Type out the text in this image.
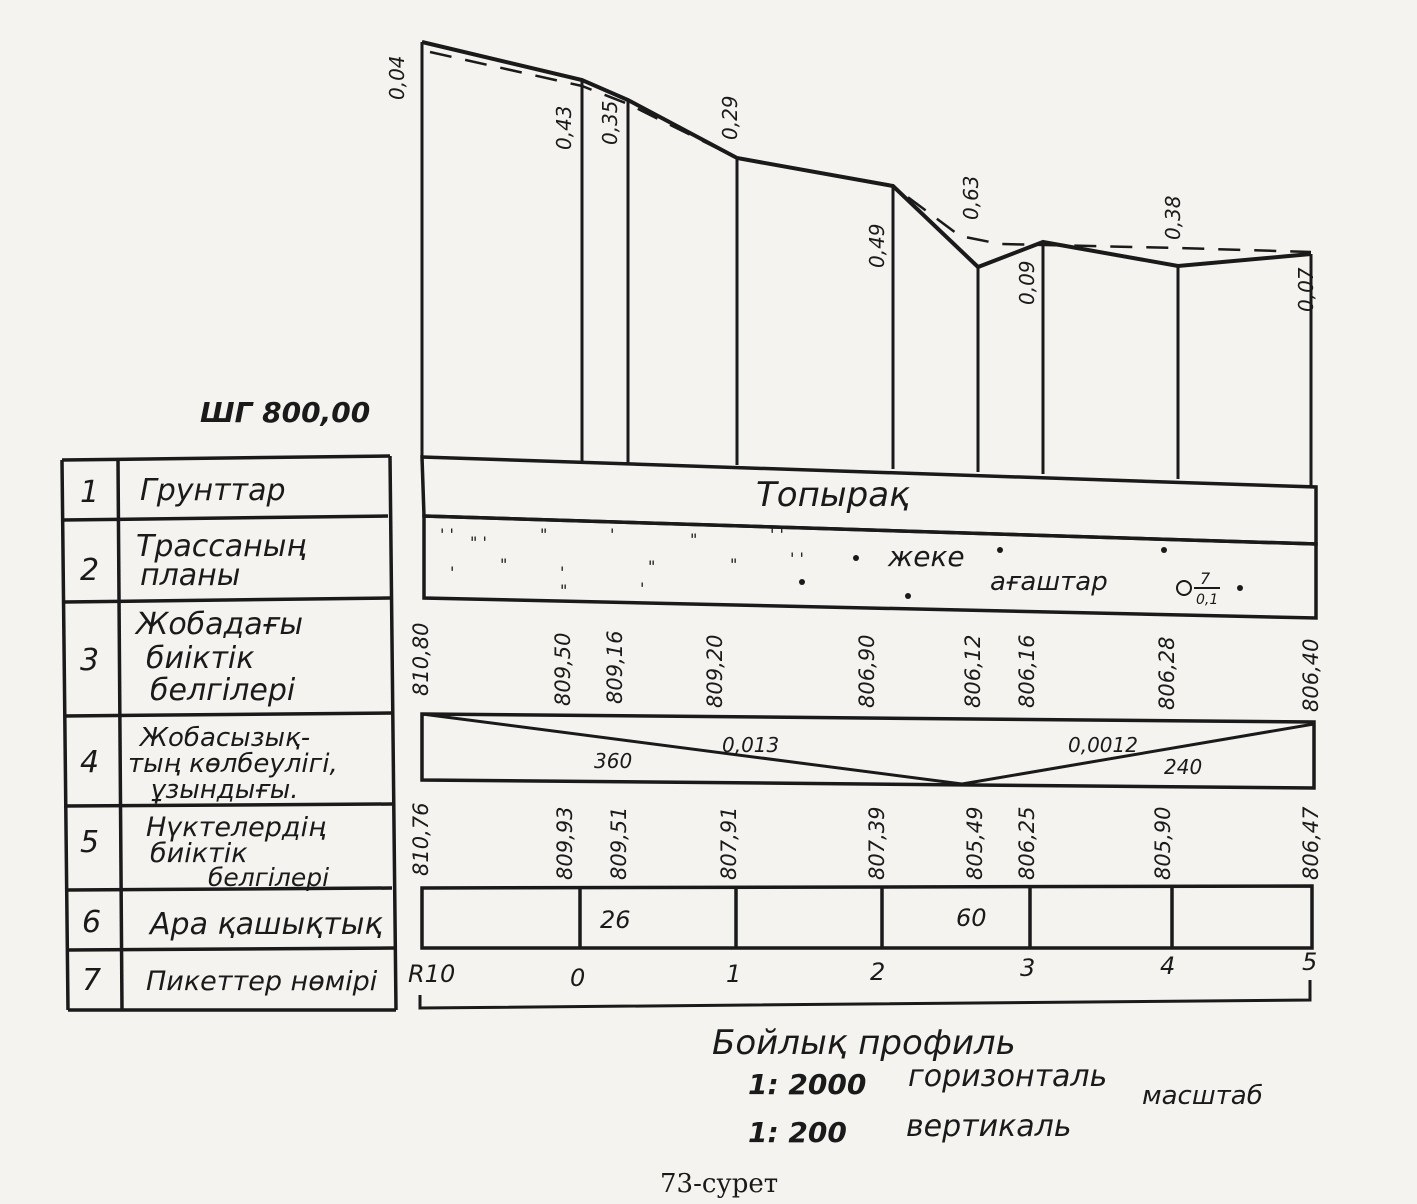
0,04
0,43 0,35	0,29
0,49
0,63
0,09
0,38
0,07
ШГ 800,00
1 Грунттар
2
Трассаның
планы
3
Жобадағы
биіктік
белгілері
4
Жобасызық-
тың көлбеулігі,
ұзындығы.
5 Нүктелердің
биіктік
белгілері
6 Ара қашықтық
7 Пикеттер нөмірі
Топырақ
' ' " '	"	'	"	' '
'	"	'	"	"	' '
.	"	'
жеке
ағаштар	7
0,1
810,80	809,50 809,16	809,20	806,90	806,12 806,16	806,28	806,40
0,013
360
0,0012
240
810,76	809,93 809,51	807,91	807,39	805,49 806,25	805,90	806,47
26	60
R10	0	1	2	3	4	5
Бойлық профиль
1: 2000 горизонталь
масштаб
1: 200 вертикаль
73-сурет
